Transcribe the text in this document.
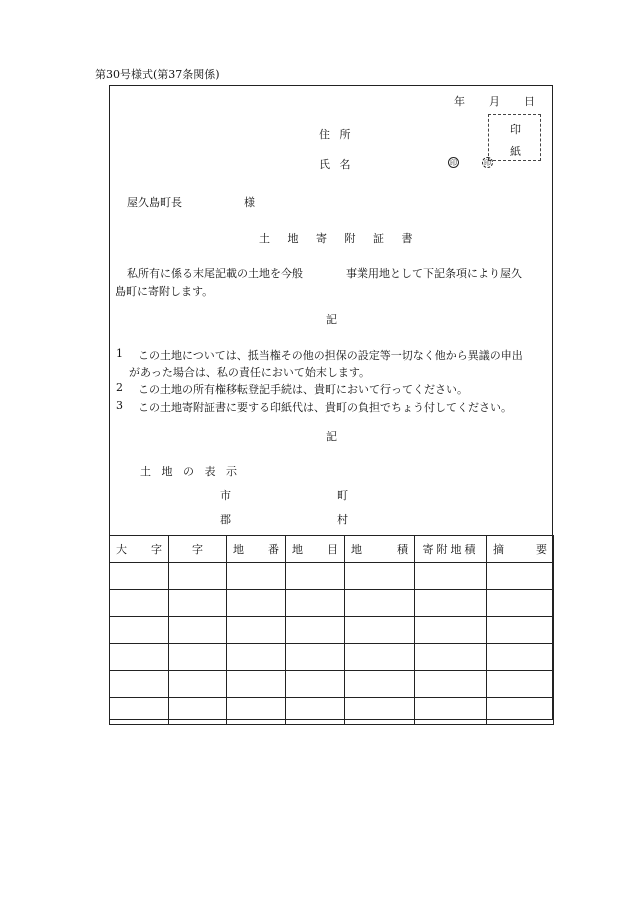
第30号様式(第37条関係)
年 月 日
印
紙
住 所
氏 名	印	印
屋久島町長	様
土 地 寄 附 証 書
私所有に係る末尾記載の土地を今般	事業用地として下記条項により屋久
島町に寄附します。
記
1 この土地については、抵当権その他の担保の設定等一切なく他から異議の申出
があった場合は、私の責任において始末します。
2 この土地の所有権移転登記手続は、貴町において行ってください。
3 この土地寄附証書に要する印紙代は、貴町の負担でちょう付してください。
記
土 地 の 表 示
市	町
郡	村
大 字	字	地 番	地 目	地 積	寄附地積	摘 要
